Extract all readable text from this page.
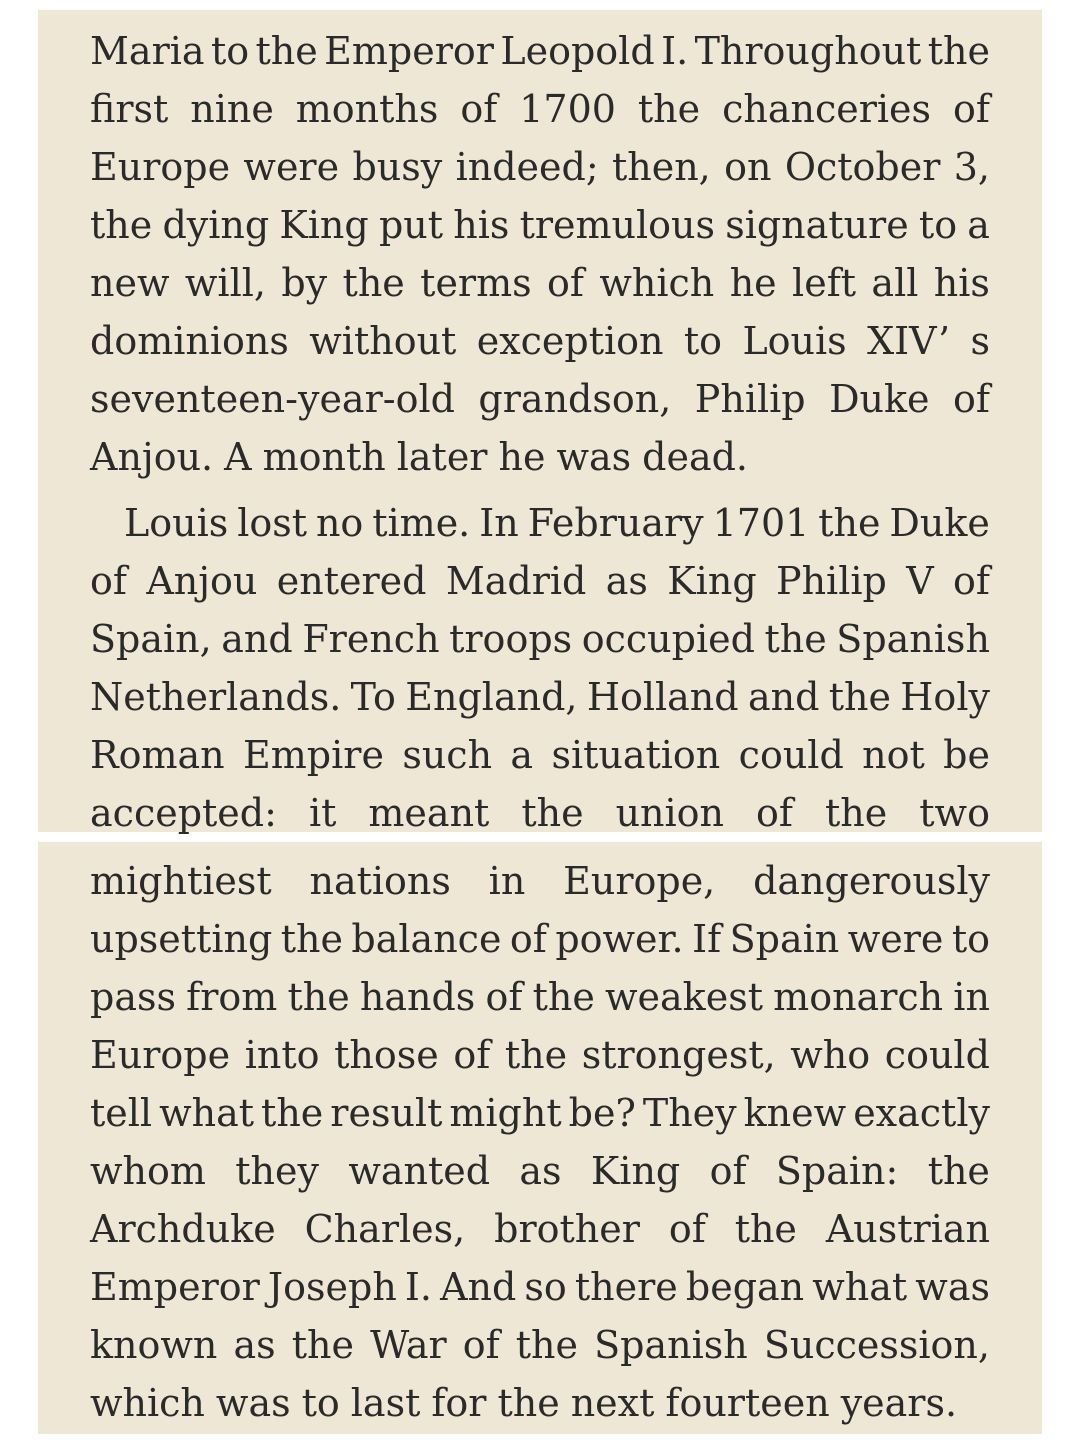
Maria to the Emperor Leopold I. Throughout the
first nine months of 1700 the chanceries of
Europe were busy indeed; then, on October 3,
the dying King put his tremulous signature to a
new will, by the terms of which he left all his
dominions without exception to Louis XIV’ s
seventeen-year-old grandson, Philip Duke of
Anjou. A month later he was dead.
Louis lost no time. In February 1701 the Duke
of Anjou entered Madrid as King Philip V of
Spain, and French troops occupied the Spanish
Netherlands. To England, Holland and the Holy
Roman Empire such a situation could not be
accepted: it meant the union of the two
mightiest nations in Europe, dangerously
upsetting the balance of power. If Spain were to
pass from the hands of the weakest monarch in
Europe into those of the strongest, who could
tell what the result might be? They knew exactly
whom they wanted as King of Spain: the
Archduke Charles, brother of the Austrian
Emperor Joseph I. And so there began what was
known as the War of the Spanish Succession,
which was to last for the next fourteen years.
